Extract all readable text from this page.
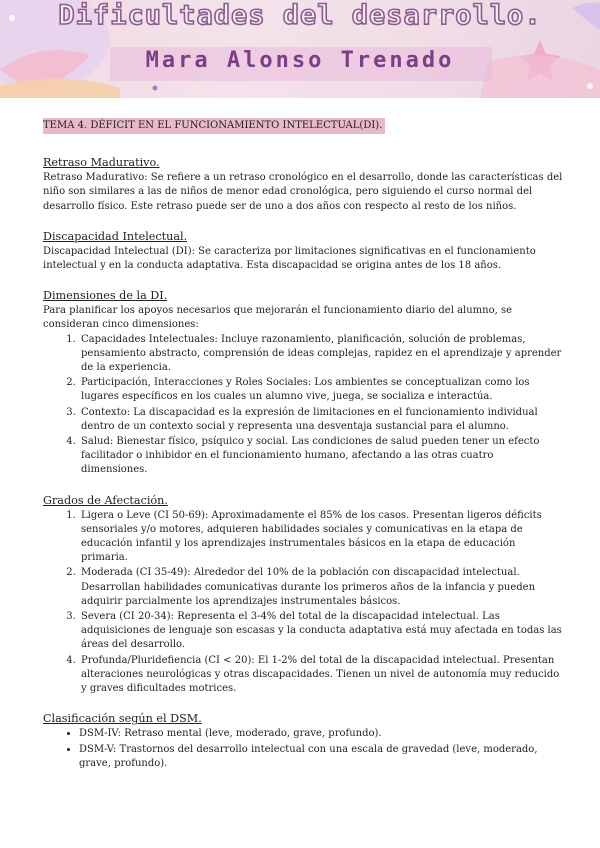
Dificultades del desarrollo.
Mara Alonso Trenado
TEMA 4. DÉFICIT EN EL FUNCIONAMIENTO INTELECTUAL(DI).
Retraso Madurativo.

Retraso Madurativo: Se refiere a un retraso cronológico en el desarrollo, donde las características del niño son similares a las de niños de menor edad cronológica, pero siguiendo el curso normal del desarrollo físico. Este retraso puede ser de uno a dos años con respecto al resto de los niños.

Discapacidad Intelectual.

Discapacidad Intelectual (DI): Se caracteriza por limitaciones significativas en el funcionamiento intelectual y en la conducta adaptativa. Esta discapacidad se origina antes de los 18 años.

Dimensiones de la DI.

Para planificar los apoyos necesarios que mejorarán el funcionamiento diario del alumno, se consideran cinco dimensiones:

1. Capacidades Intelectuales: Incluye razonamiento, planificación, solución de problemas, pensamiento abstracto, comprensión de ideas complejas, rapidez en el aprendizaje y aprender de la experiencia.
2. Participación, Interacciones y Roles Sociales: Los ambientes se conceptualizan como los lugares específicos en los cuales un alumno vive, juega, se socializa e interactúa.
3. Contexto: La discapacidad es la expresión de limitaciones en el funcionamiento individual dentro de un contexto social y representa una desventaja sustancial para el alumno.
4. Salud: Bienestar físico, psíquico y social. Las condiciones de salud pueden tener un efecto facilitador o inhibidor en el funcionamiento humano, afectando a las otras cuatro dimensiones.
Grados de Afectación.
1. Ligera o Leve (CI 50-69): Aproximadamente el 85% de los casos. Presentan ligeros déficits sensoriales y/o motores, adquieren habilidades sociales y comunicativas en la etapa de educación infantil y los aprendizajes instrumentales básicos en la etapa de educación primaria.
2. Moderada (CI 35-49): Alrededor del 10% de la población con discapacidad intelectual. Desarrollan habilidades comunicativas durante los primeros años de la infancia y pueden adquirir parcialmente los aprendizajes instrumentales básicos.
3. Severa (CI 20-34): Representa el 3-4% del total de la discapacidad intelectual. Las adquisiciones de lenguaje son escasas y la conducta adaptativa está muy afectada en todas las áreas del desarrollo.
4. Profunda/Pluridefiencia (CI < 20): El 1-2% del total de la discapacidad intelectual. Presentan alteraciones neurológicas y otras discapacidades. Tienen un nivel de autonomía muy reducido y graves dificultades motrices.
Clasificación según el DSM.
• DSM-IV: Retraso mental (leve, moderado, grave, profundo).
• DSM-V: Trastornos del desarrollo intelectual con una escala de gravedad (leve, moderado, grave, profundo).
